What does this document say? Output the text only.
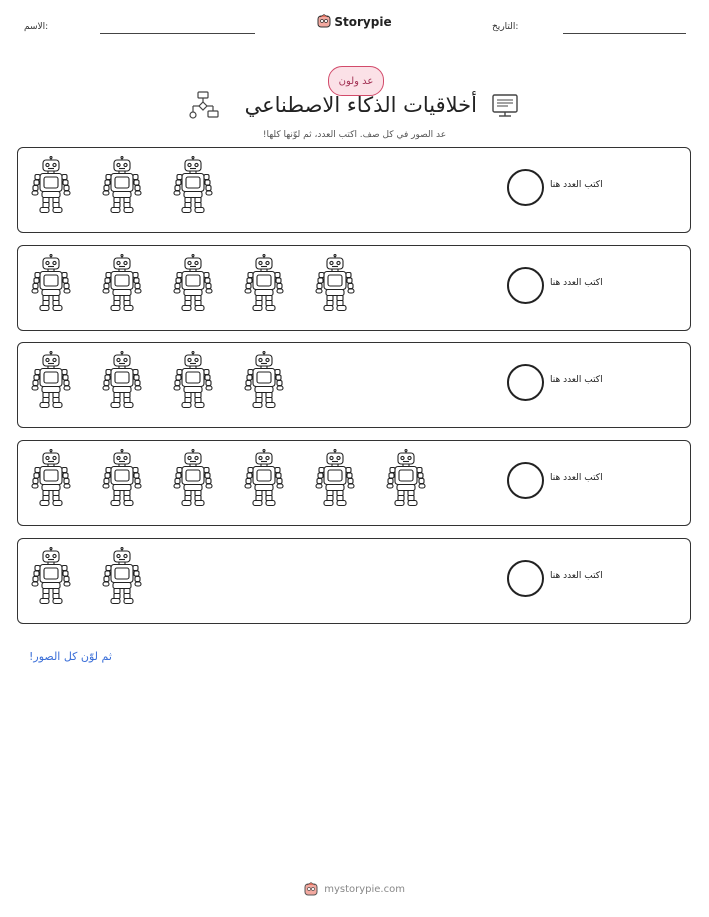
الاسم:	Storypie	التاريخ:
عد ولون
أخلاقيات الذكاء الاصطناعي
عد الصور في كل صف. اكتب العدد، ثم لوّنها كلها!
اكتب العدد هنا
اكتب العدد هنا
اكتب العدد هنا
اكتب العدد هنا
اكتب العدد هنا
ثم لوّن كل الصور!
mystorypie.com
